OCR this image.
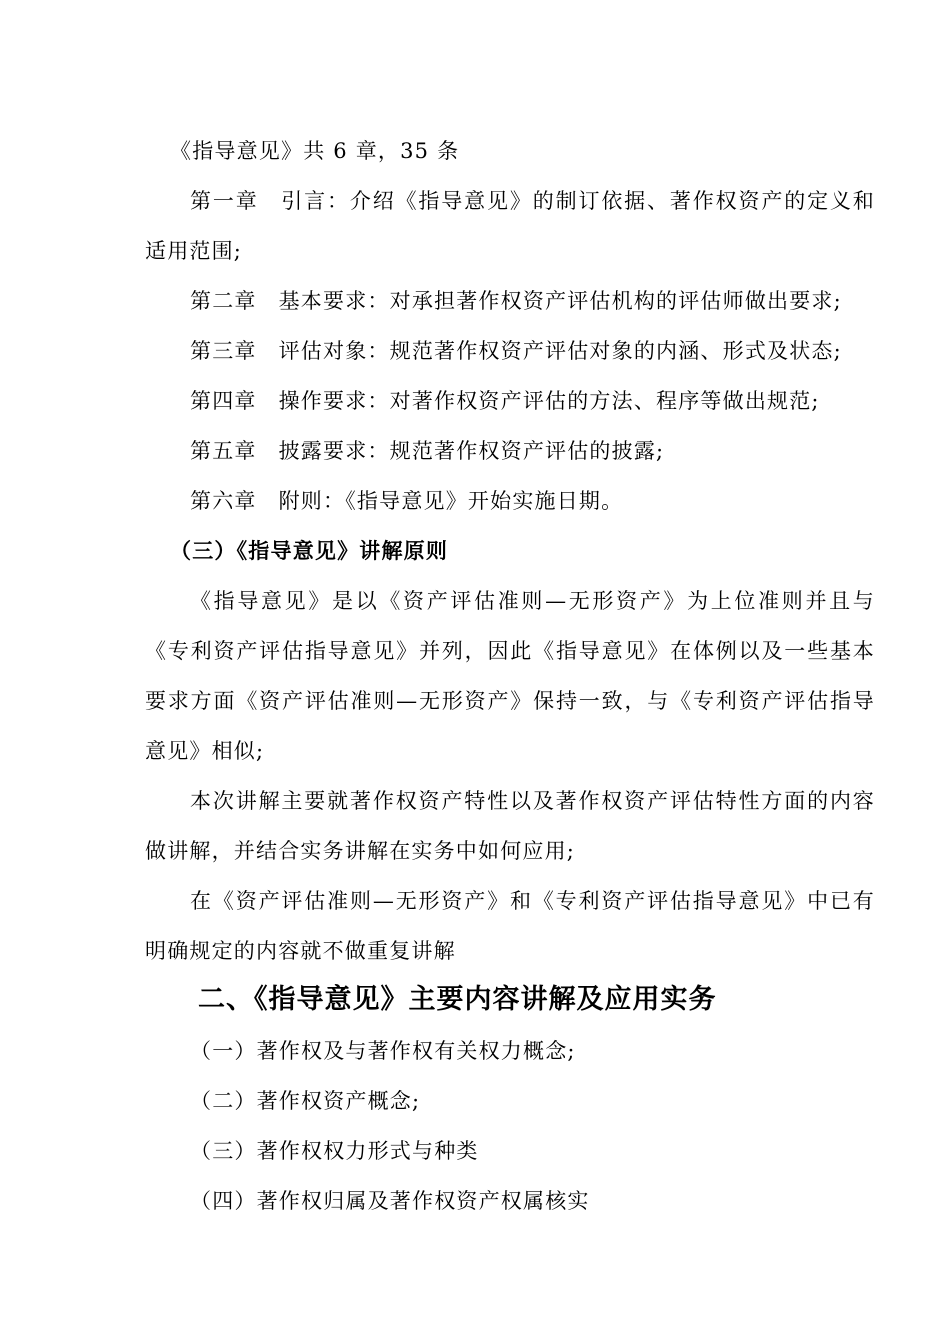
《指导意见》共 6 章，35 条
第一章 引言：介绍《指导意见》的制订依据、著作权资产的定义和
适用范围;
第二章 基本要求：对承担著作权资产评估机构的评估师做出要求;
第三章 评估对象：规范著作权资产评估对象的内涵、形式及状态;
第四章 操作要求：对著作权资产评估的方法、程序等做出规范;
第五章 披露要求：规范著作权资产评估的披露;
第六章 附则：《指导意见》开始实施日期。
（三）《指导意见》讲解原则
《指导意见》是以《资产评估准则—无形资产》为上位准则并且与
《专利资产评估指导意见》并列，因此《指导意见》在体例以及一些基本
要求方面《资产评估准则—无形资产》保持一致，与《专利资产评估指导
意见》相似;
本次讲解主要就著作权资产特性以及著作权资产评估特性方面的内容
做讲解，并结合实务讲解在实务中如何应用;
在《资产评估准则—无形资产》和《专利资产评估指导意见》中已有
明确规定的内容就不做重复讲解
二、《指导意见》主要内容讲解及应用实务
（一）著作权及与著作权有关权力概念;
（二）著作权资产概念;
（三）著作权权力形式与种类
（四）著作权归属及著作权资产权属核实
